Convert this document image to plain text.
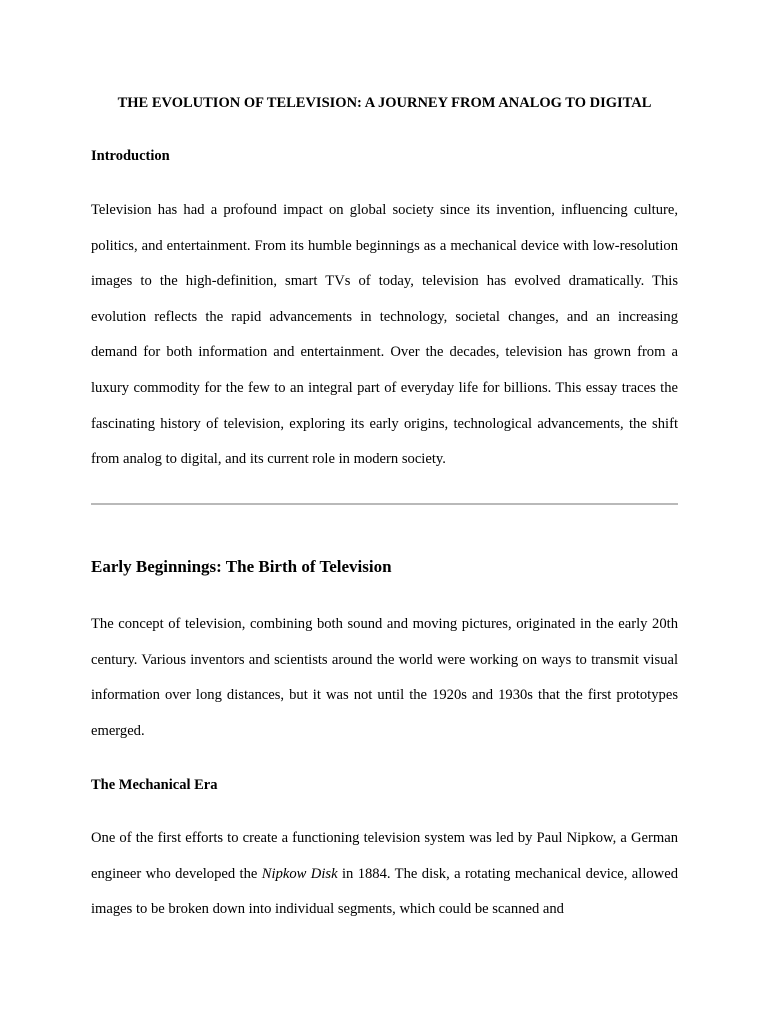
THE EVOLUTION OF TELEVISION: A JOURNEY FROM ANALOG TO DIGITAL
Introduction

Television has had a profound impact on global society since its invention, influencing culture, politics, and entertainment. From its humble beginnings as a mechanical device with low-resolution images to the high-definition, smart TVs of today, television has evolved dramatically. This evolution reflects the rapid advancements in technology, societal changes, and an increasing demand for both information and entertainment. Over the decades, television has grown from a luxury commodity for the few to an integral part of everyday life for billions. This essay traces the fascinating history of television, exploring its early origins, technological advancements, the shift from analog to digital, and its current role in modern society.

Early Beginnings: The Birth of Television

The concept of television, combining both sound and moving pictures, originated in the early 20th century. Various inventors and scientists around the world were working on ways to transmit visual information over long distances, but it was not until the 1920s and 1930s that the first prototypes emerged.

The Mechanical Era

One of the first efforts to create a functioning television system was led by Paul Nipkow, a German engineer who developed the Nipkow Disk in 1884. The disk, a rotating mechanical device, allowed images to be broken down into individual segments, which could be scanned and
